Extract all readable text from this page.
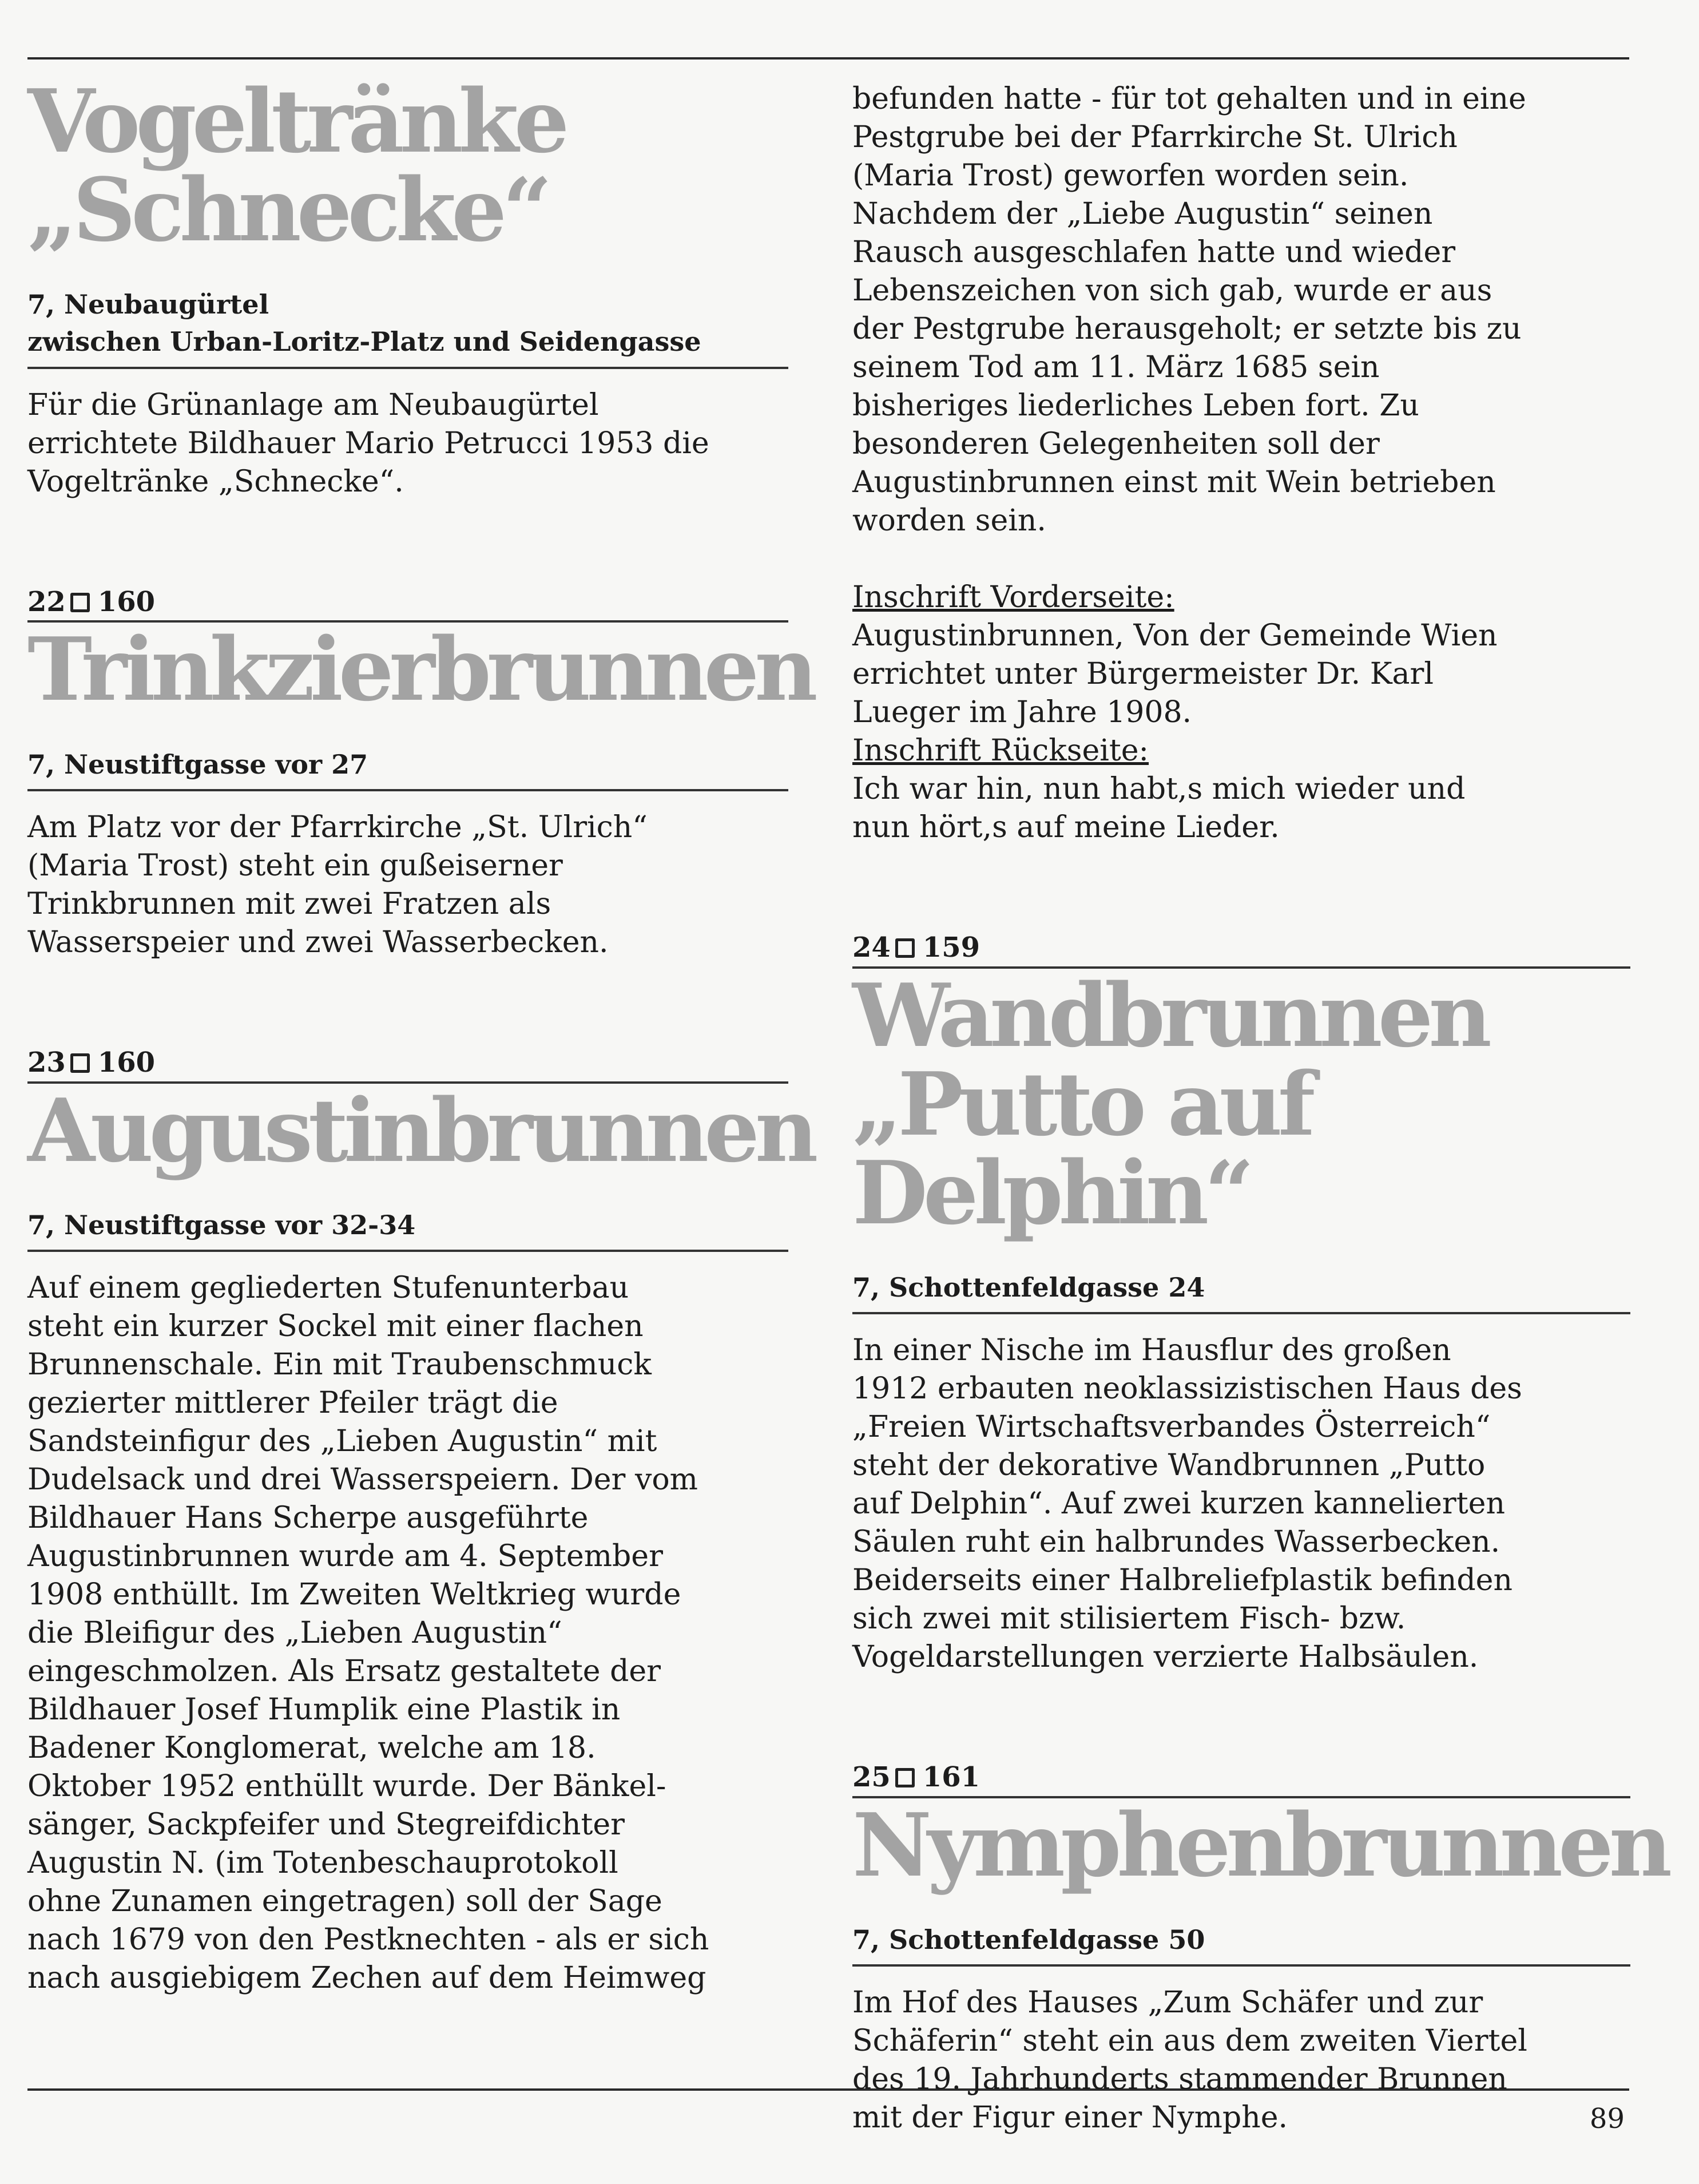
Vogeltränke
„Schnecke“
7, Neubaugürtel
zwischen Urban-Loritz-Platz und Seidengasse
Für die Grünanlage am Neubaugürtel
errichtete Bildhauer Mario Petrucci 1953 die
Vogeltränke „Schnecke“.
22 160
Trinkzierbrunnen
7, Neustiftgasse vor 27
Am Platz vor der Pfarrkirche „St. Ulrich“
(Maria Trost) steht ein gußeiserner
Trinkbrunnen mit zwei Fratzen als
Wasserspeier und zwei Wasserbecken.
23 160
Augustinbrunnen
7, Neustiftgasse vor 32-34
Auf einem gegliederten Stufenunterbau
steht ein kurzer Sockel mit einer flachen
Brunnenschale. Ein mit Traubenschmuck
gezierter mittlerer Pfeiler trägt die
Sandsteinfigur des „Lieben Augustin“ mit
Dudelsack und drei Wasserspeiern. Der vom
Bildhauer Hans Scherpe ausgeführte
Augustinbrunnen wurde am 4. September
1908 enthüllt. Im Zweiten Weltkrieg wurde
die Bleifigur des „Lieben Augustin“
eingeschmolzen. Als Ersatz gestaltete der
Bildhauer Josef Humplik eine Plastik in
Badener Konglomerat, welche am 18.
Oktober 1952 enthüllt wurde. Der Bänkel-
sänger, Sackpfeifer und Stegreifdichter
Augustin N. (im Totenbeschauprotokoll
ohne Zunamen eingetragen) soll der Sage
nach 1679 von den Pestknechten - als er sich
nach ausgiebigem Zechen auf dem Heimweg
befunden hatte - für tot gehalten und in eine
Pestgrube bei der Pfarrkirche St. Ulrich
(Maria Trost) geworfen worden sein.
Nachdem der „Liebe Augustin“ seinen
Rausch ausgeschlafen hatte und wieder
Lebenszeichen von sich gab, wurde er aus
der Pestgrube herausgeholt; er setzte bis zu
seinem Tod am 11. März 1685 sein
bisheriges liederliches Leben fort. Zu
besonderen Gelegenheiten soll der
Augustinbrunnen einst mit Wein betrieben
worden sein.
Inschrift Vorderseite:
Augustinbrunnen, Von der Gemeinde Wien
errichtet unter Bürgermeister Dr. Karl
Lueger im Jahre 1908.
Inschrift Rückseite:
Ich war hin, nun habt,s mich wieder und
nun hört,s auf meine Lieder.
24 159
Wandbrunnen
„Putto auf Delphin“
7, Schottenfeldgasse 24
In einer Nische im Hausflur des großen
1912 erbauten neoklassizistischen Haus des
„Freien Wirtschaftsverbandes Österreich“
steht der dekorative Wandbrunnen „Putto
auf Delphin“. Auf zwei kurzen kannelierten
Säulen ruht ein halbrundes Wasserbecken.
Beiderseits einer Halbreliefplastik befinden
sich zwei mit stilisiertem Fisch- bzw.
Vogeldarstellungen verzierte Halbsäulen.
25 161
Nymphenbrunnen
7, Schottenfeldgasse 50
Im Hof des Hauses „Zum Schäfer und zur
Schäferin“ steht ein aus dem zweiten Viertel
des 19. Jahrhunderts stammender Brunnen
mit der Figur einer Nymphe.	89
